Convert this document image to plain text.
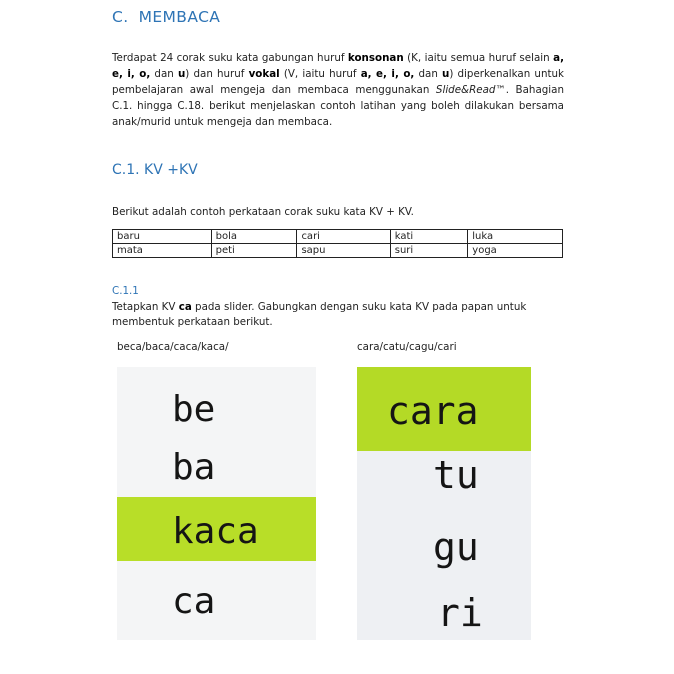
C. MEMBACA
Terdapat 24 corak suku kata gabungan huruf konsonan (K, iaitu semua huruf selain a, e, i, o, dan u) dan huruf vokal (V, iaitu huruf a, e, i, o, dan u) diperkenalkan untuk pembelajaran awal mengeja dan membaca menggunakan Slide&Read™. Bahagian C.1. hingga C.18. berikut menjelaskan contoh latihan yang boleh dilakukan bersama anak/murid untuk mengeja dan membaca.
C.1. KV +KV
Berikut adalah contoh perkataan corak suku kata KV + KV.
baru	bola	cari	kati	luka
mata	peti	sapu	suri	yoga
C.1.1
Tetapkan KV ca pada slider. Gabungkan dengan suku kata KV pada papan untuk membentuk perkataan berikut.
beca/baca/caca/kaca/	cara/catu/cagu/cari
be
ba
kaca
ca
cara
tu
gu
ri
